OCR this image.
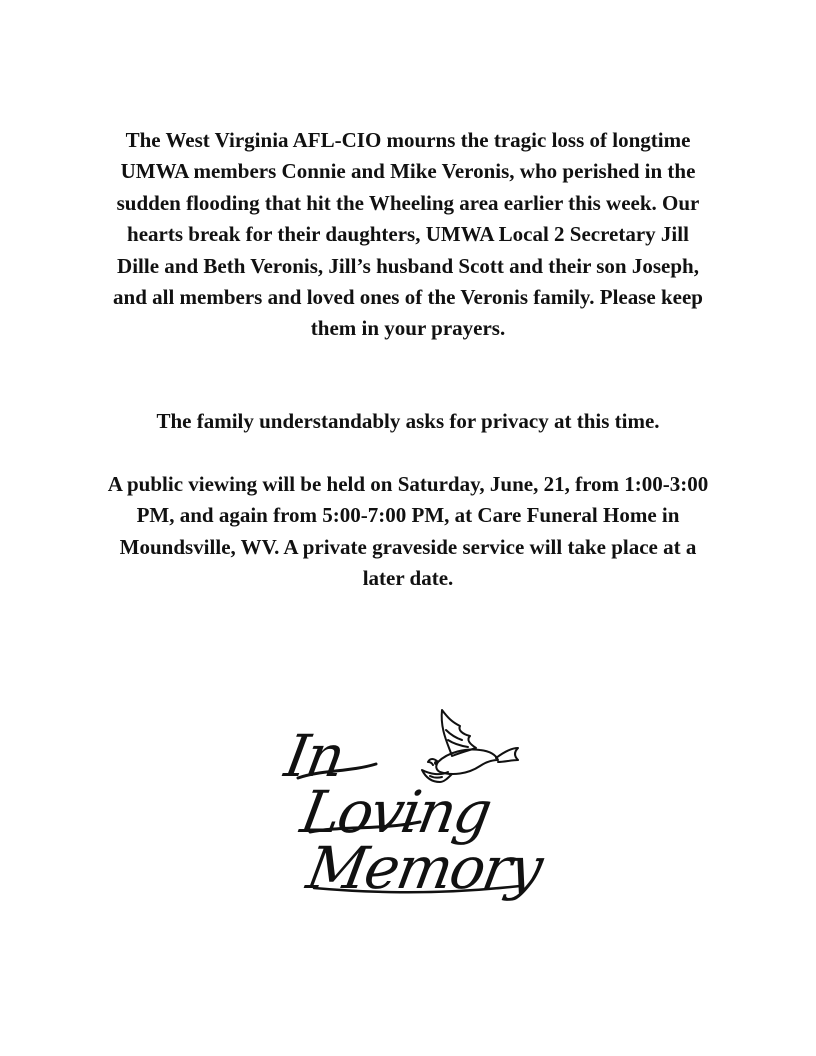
The West Virginia AFL-CIO mourns the tragic loss of longtime UMWA members Connie and Mike Veronis, who perished in the sudden flooding that hit the Wheeling area earlier this week. Our hearts break for their daughters, UMWA Local 2 Secretary Jill Dille and Beth Veronis, Jill’s husband Scott and their son Joseph, and all members and loved ones of the Veronis family. Please keep them in your prayers.
The family understandably asks for privacy at this time.
A public viewing will be held on Saturday, June, 21, from 1:00-3:00 PM, and again from 5:00-7:00 PM, at Care Funeral Home in Moundsville, WV. A private graveside service will take place at a later date.
In
Loving
Memory
